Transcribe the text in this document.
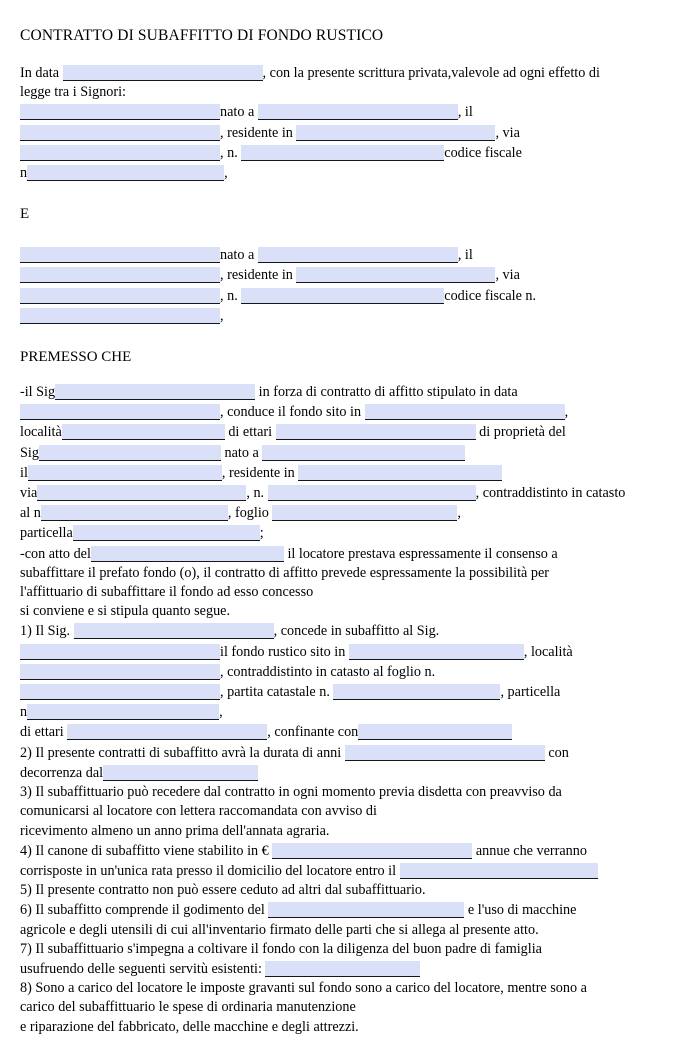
CONTRATTO DI SUBAFFITTO DI FONDO RUSTICO
In data	, con la presente scrittura privata,valevole ad ogni effetto di
legge tra i Signori:
nato a	, il
, residente in	, via
, n.	codice fiscale
n	,
E
nato a	, il
, residente in	, via
, n.	codice fiscale n.
,
PREMESSO CHE
-il Sig	in forza di contratto di affitto stipulato in data
, conduce il fondo sito in	,
località	di ettari	di proprietà del
Sig	nato a
il	, residente in
via	, n.	, contraddistinto in catasto
al n	, foglio	,
particella	;
-con atto del	il locatore prestava espressamente il consenso a
subaffittare il prefato fondo (o), il contratto di affitto prevede espressamente la possibilità per
l'affittuario di subaffittare il fondo ad esso concesso
si conviene e si stipula quanto segue.
1) Il Sig.	, concede in subaffitto al Sig.
il fondo rustico sito in	, località
, contraddistinto in catasto al foglio n.
, partita catastale n.	, particella
n	,
di ettari	, confinante con
2) Il presente contratti di subaffitto avrà la durata di anni	con
decorrenza dal
3) Il subaffittuario può recedere dal contratto in ogni momento previa disdetta con preavviso da
comunicarsi al locatore con lettera raccomandata con avviso di
ricevimento almeno un anno prima dell'annata agraria.
4) Il canone di subaffitto viene stabilito in €	annue che verranno
corrisposte in un'unica rata presso il domicilio del locatore entro il
5) Il presente contratto non può essere ceduto ad altri dal subaffittuario.
6) Il subaffitto comprende il godimento del	e l'uso di macchine
agricole e degli utensili di cui all'inventario firmato delle parti che si allega al presente atto.
7) Il subaffittuario s'impegna a coltivare il fondo con la diligenza del buon padre di famiglia
usufruendo delle seguenti servitù esistenti:
8) Sono a carico del locatore le imposte gravanti sul fondo sono a carico del locatore, mentre sono a
carico del subaffittuario le spese di ordinaria manutenzione
e riparazione del fabbricato, delle macchine e degli attrezzi.
